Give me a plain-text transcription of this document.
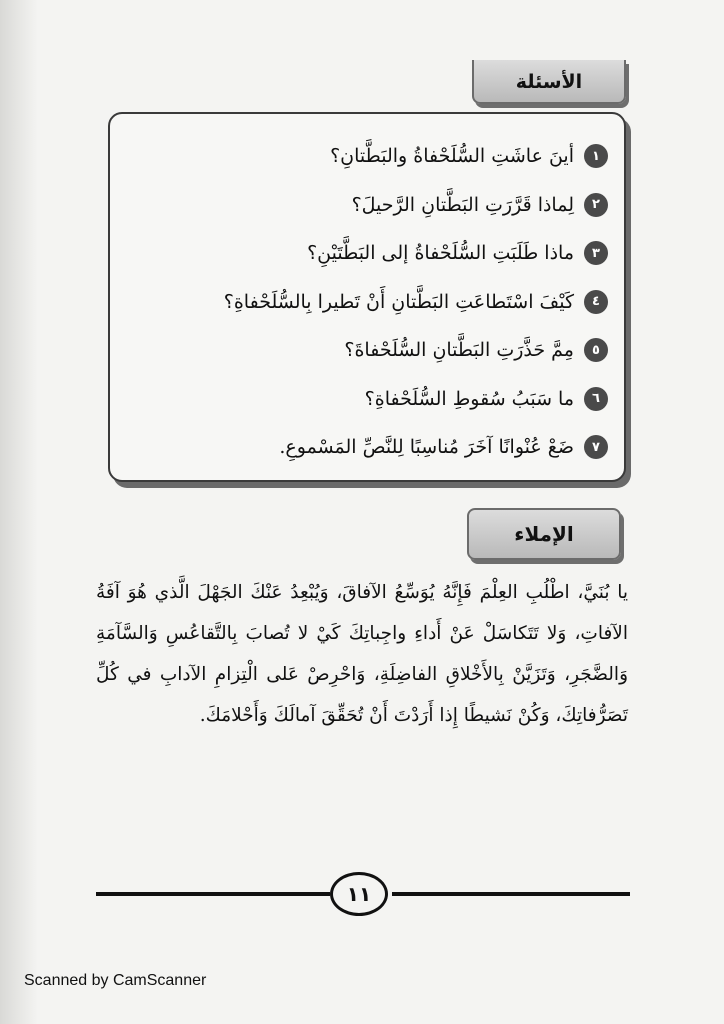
الأسئلة
١
أينَ عاشَتِ السُّلَحْفاةُ والبَطَّتانِ؟
٢
لِماذا قَرَّرَتِ البَطَّتانِ الرَّحيلَ؟
٣
ماذا طَلَبَتِ السُّلَحْفاةُ إلى البَطَّتَيْنِ؟
٤
كَيْفَ اسْتَطاعَتِ البَطَّتانِ أَنْ تَطيرا بِالسُّلَحْفاةِ؟
٥
مِمَّ حَذَّرَتِ البَطَّتانِ السُّلَحْفاةَ؟
٦
ما سَبَبُ سُقوطِ السُّلَحْفاةِ؟
٧
ضَعْ عُنْوانًا آخَرَ مُناسِبًا لِلنَّصِّ المَسْموعِ.
الإملاء

يا بُنَيَّ، اطْلُبِ العِلْمَ فَإِنَّهُ يُوَسِّعُ الآفاقَ، وَيُبْعِدُ عَنْكَ الجَهْلَ الَّذي هُوَ آفَةُ الآفاتِ، وَلا تَتَكاسَلْ عَنْ أَداءِ واجِباتِكَ كَيْ لا تُصابَ بِالتَّقاعُسِ وَالسَّآمَةِ وَالضَّجَرِ، وَتَزَيَّنْ بِالأَخْلاقِ الفاضِلَةِ، وَاحْرِصْ عَلى الْتِزامِ الآدابِ في كُلِّ تَصَرُّفاتِكَ، وَكُنْ نَشيطًا إِذا أَرَدْتَ أَنْ تُحَقِّقَ آمالَكَ وَأَحْلامَكَ.

١١
Scanned by CamScanner
